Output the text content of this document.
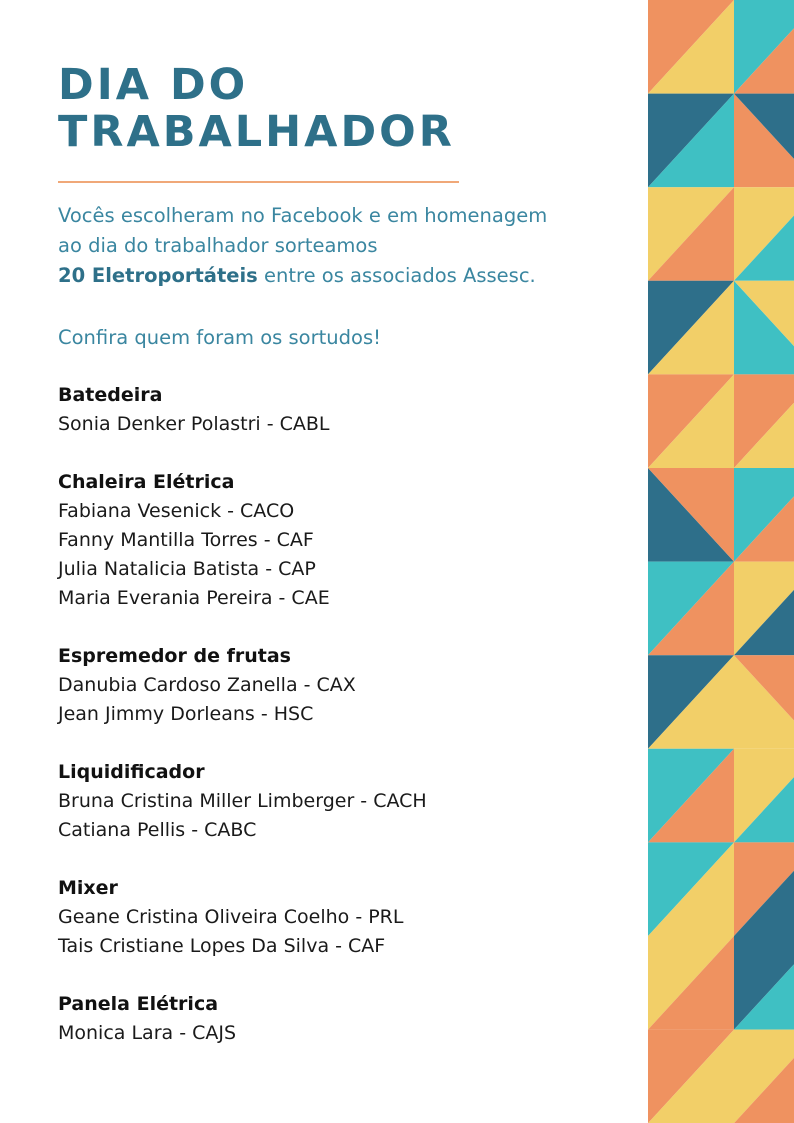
DIA DO
TRABALHADOR

Vocês escolheram no Facebook e em homenagem
ao dia do trabalhador sorteamos
20 Eletroportáteis entre os associados Assesc.

Confira quem foram os sortudos!

Batedeira
Sonia Denker Polastri - CABL
Chaleira Elétrica
Fabiana Vesenick - CACO
Fanny Mantilla Torres - CAF
Julia Natalicia Batista - CAP
Maria Everania Pereira - CAE
Espremedor de frutas
Danubia Cardoso Zanella - CAX
Jean Jimmy Dorleans - HSC
Liquidificador
Bruna Cristina Miller Limberger - CACH
Catiana Pellis - CABC
Mixer
Geane Cristina Oliveira Coelho - PRL
Tais Cristiane Lopes Da Silva - CAF
Panela Elétrica
Monica Lara - CAJS
